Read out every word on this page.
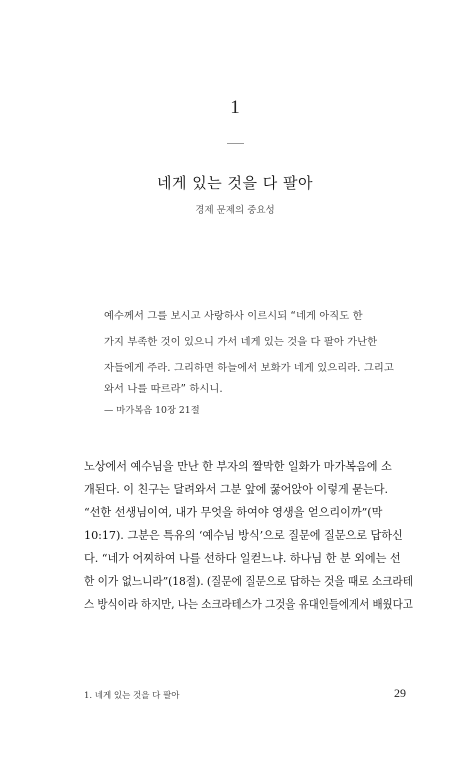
1
네게 있는 것을 다 팔아
경제 문제의 중요성
예수께서 그를 보시고 사랑하사 이르시되 “네게 아직도 한
가지 부족한 것이 있으니 가서 네게 있는 것을 다 팔아 가난한
자들에게 주라. 그리하면 하늘에서 보화가 네게 있으리라. 그리고
와서 나를 따르라” 하시니.
— 마가복음 10장 21절
노상에서 예수님을 만난 한 부자의 짤막한 일화가 마가복음에 소
개된다. 이 친구는 달려와서 그분 앞에 꿇어앉아 이렇게 묻는다.
“선한 선생님이여, 내가 무엇을 하여야 영생을 얻으리이까”(막
10:17). 그분은 특유의 ‘예수님 방식’으로 질문에 질문으로 답하신
다. “네가 어찌하여 나를 선하다 일컫느냐. 하나님 한 분 외에는 선
한 이가 없느니라”(18절). (질문에 질문으로 답하는 것을 때로 소크라테
스 방식이라 하지만, 나는 소크라테스가 그것을 유대인들에게서 배웠다고
1. 네게 있는 것을 다 팔아	29
